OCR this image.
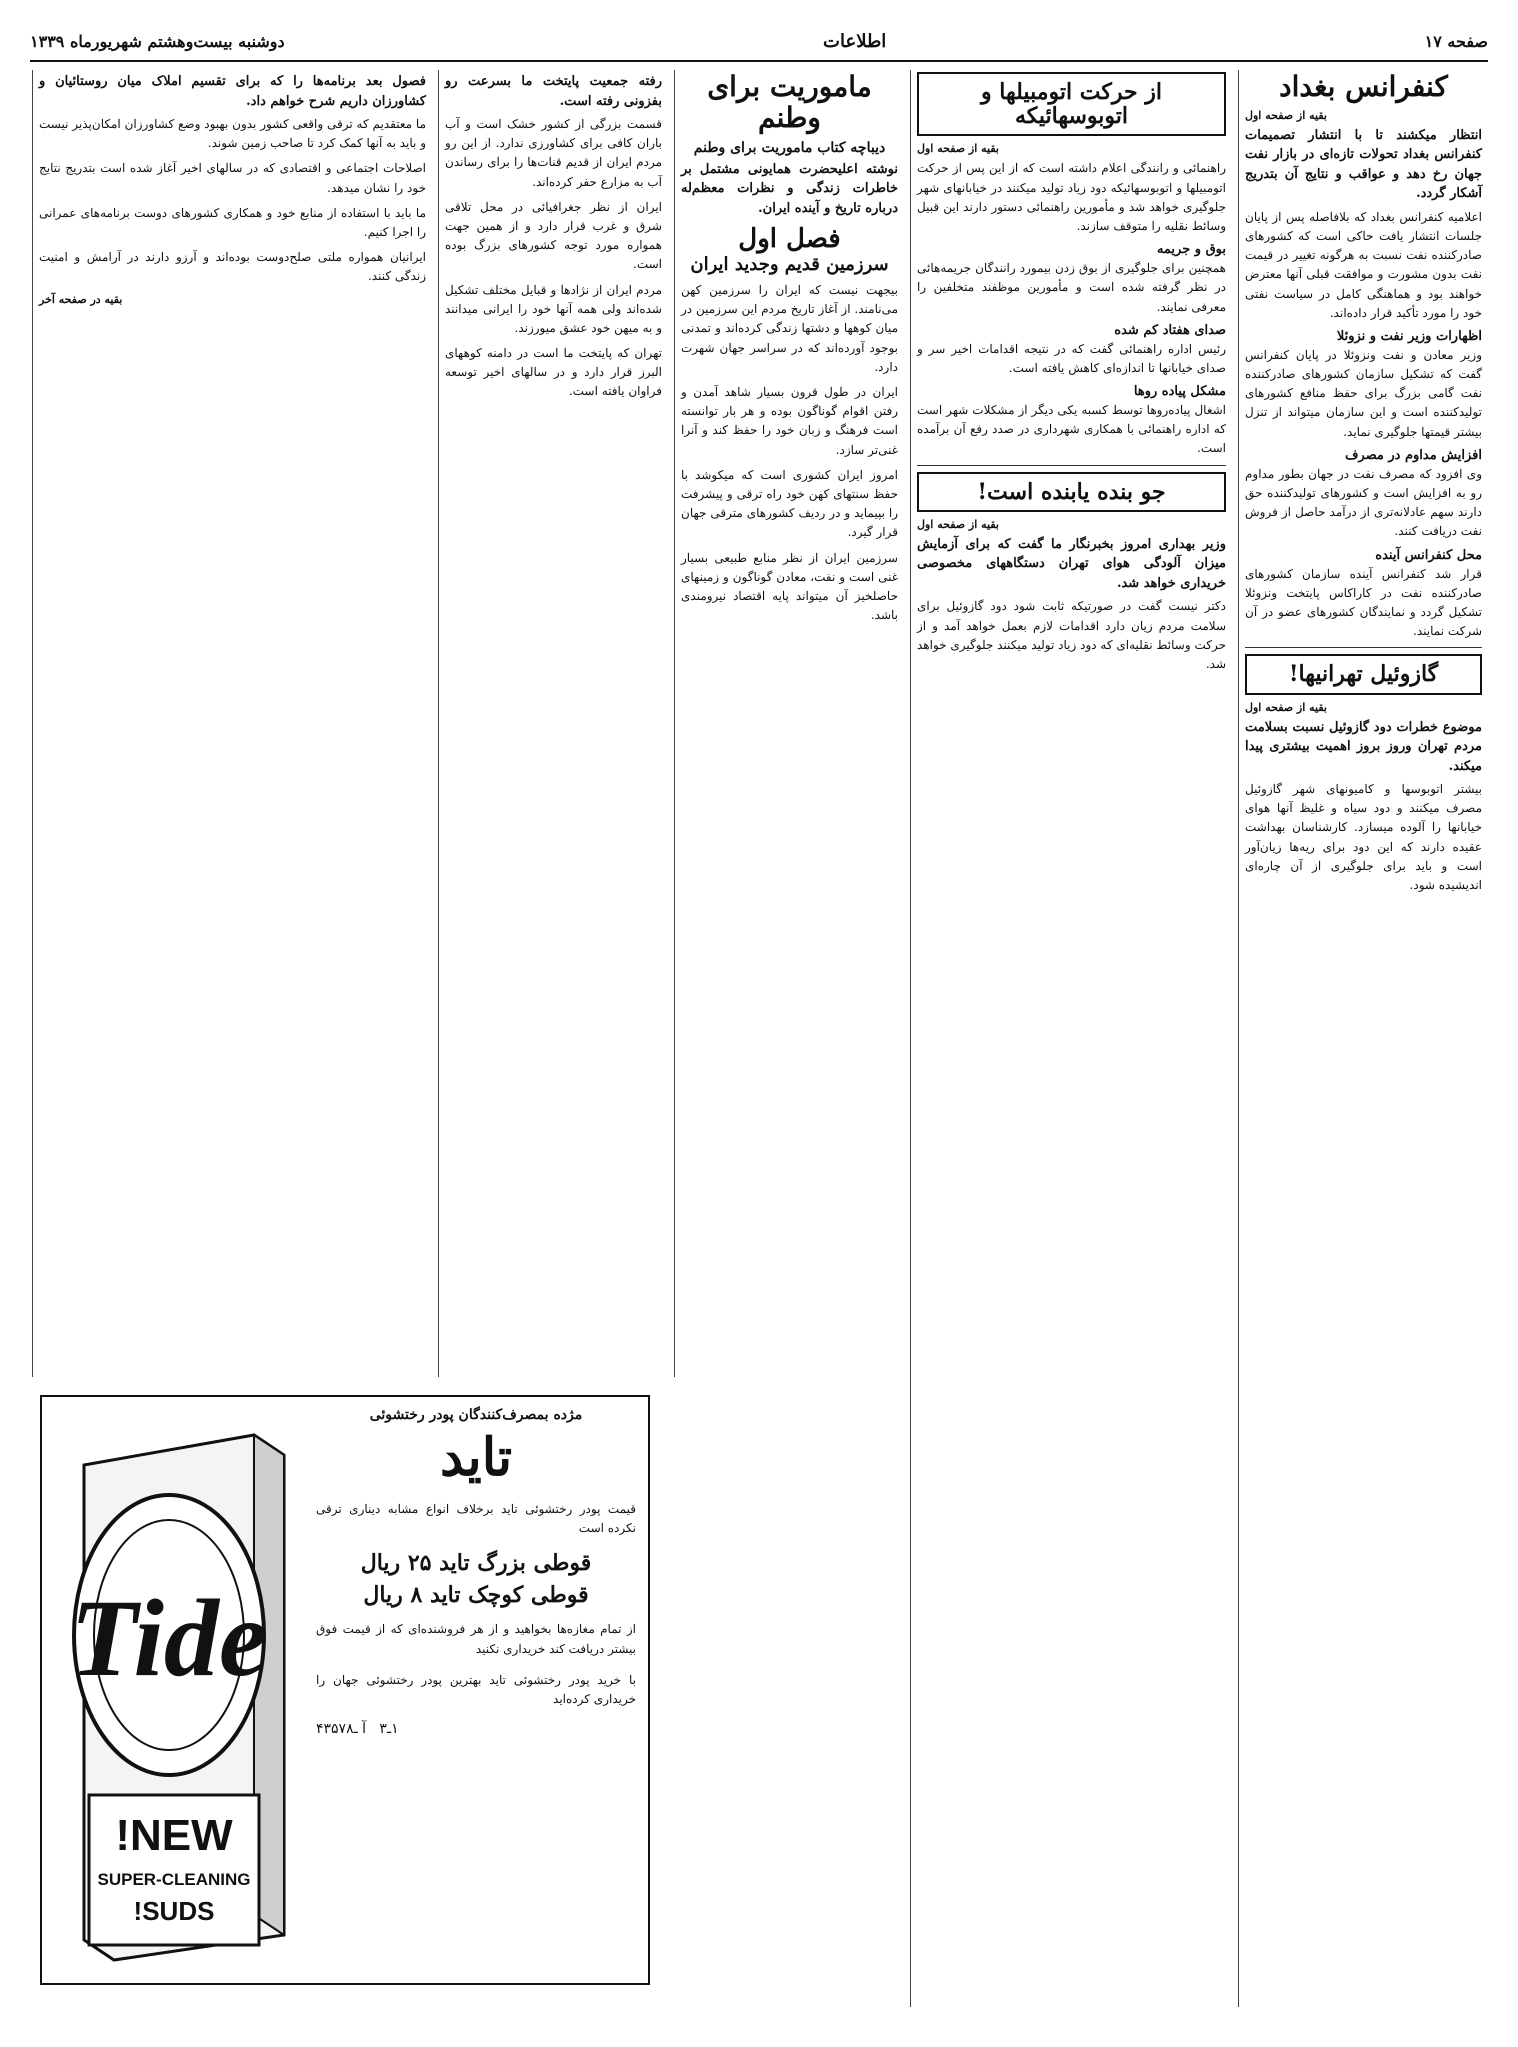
صفحه ۱۷
اطلاعات
دوشنبه بیست‌وهشتم شهریورماه ۱۳۳۹
کنفرانس بغداد
بقیه از صفحه اول

انتظار میکشند تا با انتشار تصمیمات کنفرانس بغداد تحولات تازه‌ای در بازار نفت جهان رخ دهد و عواقب و نتایج آن بتدریج آشکار گردد.

اعلامیه کنفرانس بغداد که بلافاصله پس از پایان جلسات انتشار یافت حاکی است که کشورهای صادرکننده نفت نسبت به هرگونه تغییر در قیمت نفت بدون مشورت و موافقت قبلی آنها معترض خواهند بود و هماهنگی کامل در سیاست نفتی خود را مورد تأکید قرار داده‌اند.

اظهارات وزیر نفت و نزوئلا

وزیر معادن و نفت ونزوئلا در پایان کنفرانس گفت که تشکیل سازمان کشورهای صادرکننده نفت گامی بزرگ برای حفظ منافع کشورهای تولیدکننده است و این سازمان میتواند از تنزل بیشتر قیمتها جلوگیری نماید.

افزایش مداوم در مصرف

وی افزود که مصرف نفت در جهان بطور مداوم رو به افزایش است و کشورهای تولیدکننده حق دارند سهم عادلانه‌تری از درآمد حاصل از فروش نفت دریافت کنند.

محل کنفرانس آینده

قرار شد کنفرانس آینده سازمان کشورهای صادرکننده نفت در کاراکاس پایتخت ونزوئلا تشکیل گردد و نمایندگان کشورهای عضو در آن شرکت نمایند.

گازوئیل تهرانیها!
بقیه از صفحه اول

موضوع خطرات دود گازوئیل نسبت بسلامت مردم تهران وروز بروز اهمیت بیشتری پیدا میکند.

بیشتر اتوبوسها و کامیونهای شهر گازوئیل مصرف میکنند و دود سیاه و غلیظ آنها هوای خیابانها را آلوده میسازد. کارشناسان بهداشت عقیده دارند که این دود برای ریه‌ها زیان‌آور است و باید برای جلوگیری از آن چاره‌ای اندیشیده شود.

از حرکت اتومبیلها و اتوبوسهائیکه
بقیه از صفحه اول

راهنمائی و رانندگی اعلام داشته است که از این پس از حرکت اتومبیلها و اتوبوسهائیکه دود زیاد تولید میکنند در خیابانهای شهر جلوگیری خواهد شد و مأمورین راهنمائی دستور دارند این قبیل وسائط نقلیه را متوقف سازند.

بوق و جریمه

همچنین برای جلوگیری از بوق زدن بیمورد رانندگان جریمه‌هائی در نظر گرفته شده است و مأمورین موظفند متخلفین را معرفی نمایند.

صدای هفتاد کم شده

رئیس اداره راهنمائی گفت که در نتیجه اقدامات اخیر سر و صدای خیابانها تا اندازه‌ای کاهش یافته است.

مشکل پیاده روها

اشغال پیاده‌روها توسط کسبه یکی دیگر از مشکلات شهر است که اداره راهنمائی با همکاری شهرداری در صدد رفع آن برآمده است.

جو بنده یابنده است!
بقیه از صفحه اول

وزیر بهداری امروز بخبرنگار ما گفت که برای آزمایش میزان آلودگی هوای تهران دستگاههای مخصوصی خریداری خواهد شد.

دکتر نیست گفت در صورتیکه ثابت شود دود گازوئیل برای سلامت مردم زیان دارد اقدامات لازم بعمل خواهد آمد و از حرکت وسائط نقلیه‌ای که دود زیاد تولید میکنند جلوگیری خواهد شد.

ماموریت برای وطنم
دیباچه کتاب ماموریت برای وطنم

نوشته اعلیحضرت همایونی مشتمل بر خاطرات زندگی و نظرات معظم‌له درباره تاریخ و آینده ایران.

فصل اول
سرزمین قدیم وجدید ایران

بیجهت نیست که ایران را سرزمین کهن می‌نامند. از آغاز تاریخ مردم این سرزمین در میان کوهها و دشتها زندگی کرده‌اند و تمدنی بوجود آورده‌اند که در سراسر جهان شهرت دارد.

ایران در طول قرون بسیار شاهد آمدن و رفتن اقوام گوناگون بوده و هر بار توانسته است فرهنگ و زبان خود را حفظ کند و آنرا غنی‌تر سازد.

امروز ایران کشوری است که میکوشد با حفظ سنتهای کهن خود راه ترقی و پیشرفت را بپیماید و در ردیف کشورهای مترقی جهان قرار گیرد.

سرزمین ایران از نظر منابع طبیعی بسیار غنی است و نفت، معادن گوناگون و زمینهای حاصلخیز آن میتواند پایه اقتصاد نیرومندی باشد.

رفته جمعیت پایتخت ما بسرعت رو بفزونی رفته است.

قسمت بزرگی از کشور خشک است و آب باران کافی برای کشاورزی ندارد. از این رو مردم ایران از قدیم قنات‌ها را برای رساندن آب به مزارع حفر کرده‌اند.

ایران از نظر جغرافیائی در محل تلاقی شرق و غرب قرار دارد و از همین جهت همواره مورد توجه کشورهای بزرگ بوده است.

مردم ایران از نژادها و قبایل مختلف تشکیل شده‌اند ولی همه آنها خود را ایرانی میدانند و به میهن خود عشق میورزند.

تهران که پایتخت ما است در دامنه کوههای البرز قرار دارد و در سالهای اخیر توسعه فراوان یافته است.

فصول بعد برنامه‌ها را که برای تقسیم املاک میان روستائیان و کشاورزان داریم شرح خواهم داد.

ما معتقدیم که ترقی واقعی کشور بدون بهبود وضع کشاورزان امکان‌پذیر نیست و باید به آنها کمک کرد تا صاحب زمین شوند.

اصلاحات اجتماعی و اقتصادی که در سالهای اخیر آغاز شده است بتدریج نتایج خود را نشان میدهد.

ما باید با استفاده از منابع خود و همکاری کشورهای دوست برنامه‌های عمرانی را اجرا کنیم.

ایرانیان همواره ملتی صلح‌دوست بوده‌اند و آرزو دارند در آرامش و امنیت زندگی کنند.

بقیه در صفحه آخر
Tide
NEW!
SUPER-CLEANING
SUDS!
مژده بمصرف‌کنندگان پودر رختشوئی
تاید

قیمت پودر رختشوئی تاید برخلاف انواع مشابه دیناری ترقی نکرده است

قوطی بزرگ تاید ۲۵ ریال
قوطی کوچک تاید ۸ ریال

از تمام مغازه‌ها بخواهید و از هر فروشنده‌ای که از قیمت فوق بیشتر دریافت کند خریداری نکنید

با خرید پودر رختشوئی تاید بهترین پودر رختشوئی جهان را خریداری کرده‌اید

۱ـ۳   آ ـ۴۳۵۷۸
